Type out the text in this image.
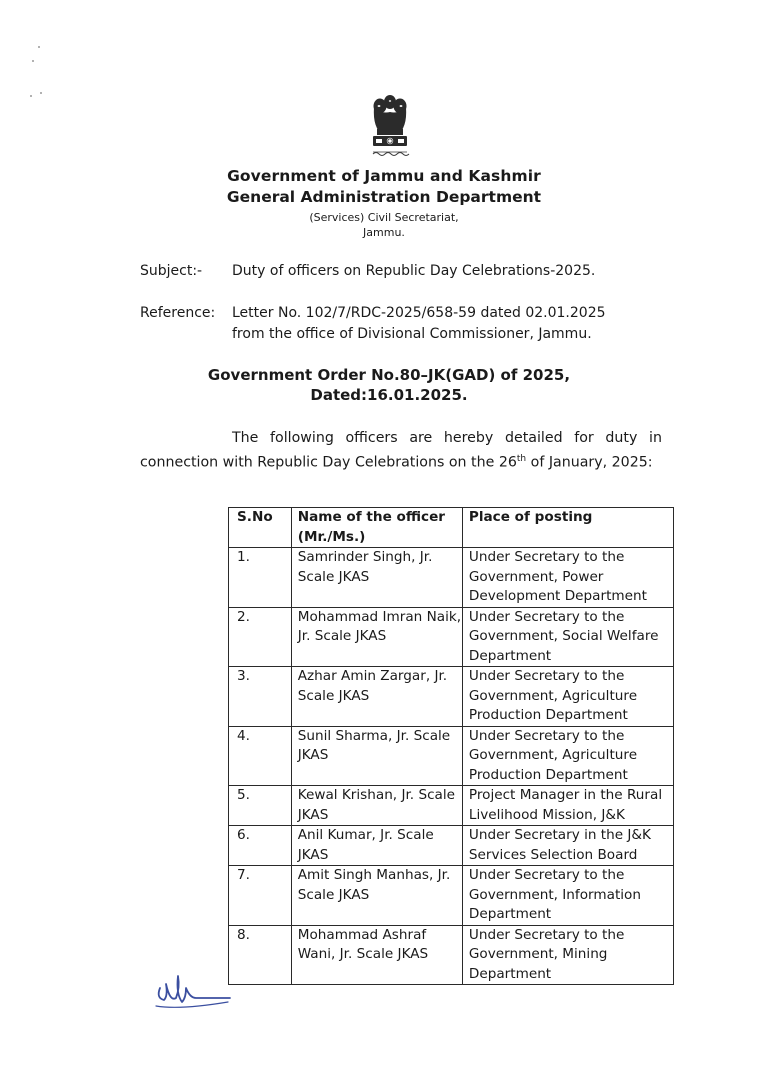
Government of Jammu and Kashmir
General Administration Department
(Services) Civil Secretariat,
Jammu.
Subject:- Duty of officers on Republic Day Celebrations-2025.
Reference: Letter No. 102/7/RDC-2025/658-59 dated 02.01.2025
from the office of Divisional Commissioner, Jammu.
Government Order No.80–JK(GAD) of 2025,
Dated:16.01.2025.
The following officers are hereby detailed for duty in connection with Republic Day Celebrations on the 26th of January, 2025:
S.No	Name of the officer (Mr./Ms.)	Place of posting
1.	Samrinder Singh, Jr. Scale JKAS	Under Secretary to the Government, Power Development Department
2.	Mohammad Imran Naik, Jr. Scale JKAS	Under Secretary to the Government, Social Welfare Department
3.	Azhar Amin Zargar, Jr. Scale JKAS	Under Secretary to the Government, Agriculture Production Department
4.	Sunil Sharma, Jr. Scale JKAS	Under Secretary to the Government, Agriculture Production Department
5.	Kewal Krishan, Jr. Scale JKAS	Project Manager in the Rural Livelihood Mission, J&K
6.	Anil Kumar, Jr. Scale JKAS	Under Secretary in the J&K Services Selection Board
7.	Amit Singh Manhas, Jr. Scale JKAS	Under Secretary to the Government, Information Department
8.	Mohammad Ashraf Wani, Jr. Scale JKAS	Under Secretary to the Government, Mining Department
